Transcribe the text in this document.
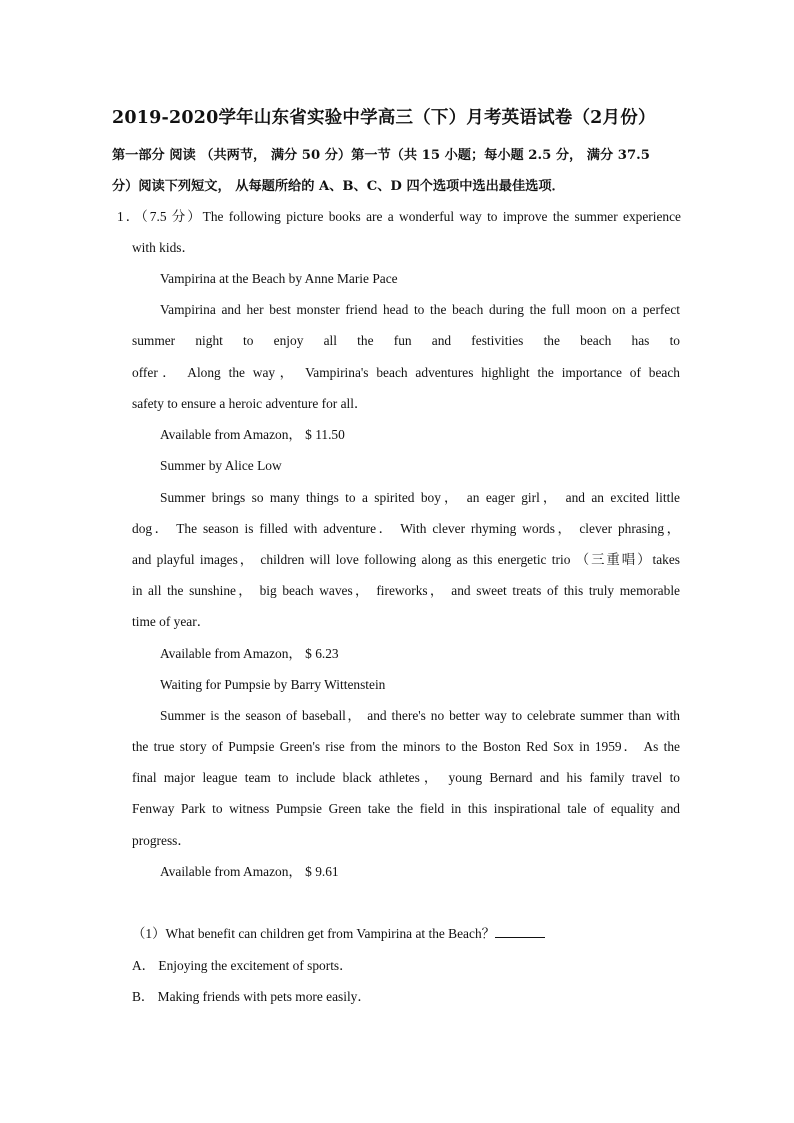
2019-2020学年山东省实验中学高三（下）月考英语试卷（2月份）
第一部分 阅读 （共两节， 满分 50 分）第一节（共 15 小题；每小题 2.5 分， 满分 37.5
分）阅读下列短文， 从每题所给的 A、B、C、D 四个选项中选出最佳选项．
1．（7.5 分）The following picture books are a wonderful way to improve the summer experience
with kids．
Vampirina at the Beach by Anne Marie Pace
Vampirina and her best monster friend head to the beach during the full moon on a perfect
summer night to enjoy all the fun and festivities the beach has to
offer． Along the way， Vampirina's beach adventures highlight the importance of beach
safety to ensure a heroic adventure for all．
Available from Amazon， $ 11.50
Summer by Alice Low
Summer brings so many things to a spirited boy， an eager girl， and an excited little
dog． The season is filled with adventure． With clever rhyming words， clever phrasing，
and playful images， children will love following along as this energetic trio （三重唱）takes
in all the sunshine， big beach waves， fireworks， and sweet treats of this truly memorable
time of year．
Available from Amazon， $ 6.23
Waiting for Pumpsie by Barry Wittenstein
Summer is the season of baseball， and there's no better way to celebrate summer than with
the true story of Pumpsie Green's rise from the minors to the Boston Red Sox in 1959． As the
final major league team to include black athletes， young Bernard and his family travel to
Fenway Park to witness Pumpsie Green take the field in this inspirational tale of equality and
progress．
Available from Amazon， $ 9.61
（1）What benefit can children get from Vampirina at the Beach？
A． Enjoying the excitement of sports．
B． Making friends with pets more easily．
